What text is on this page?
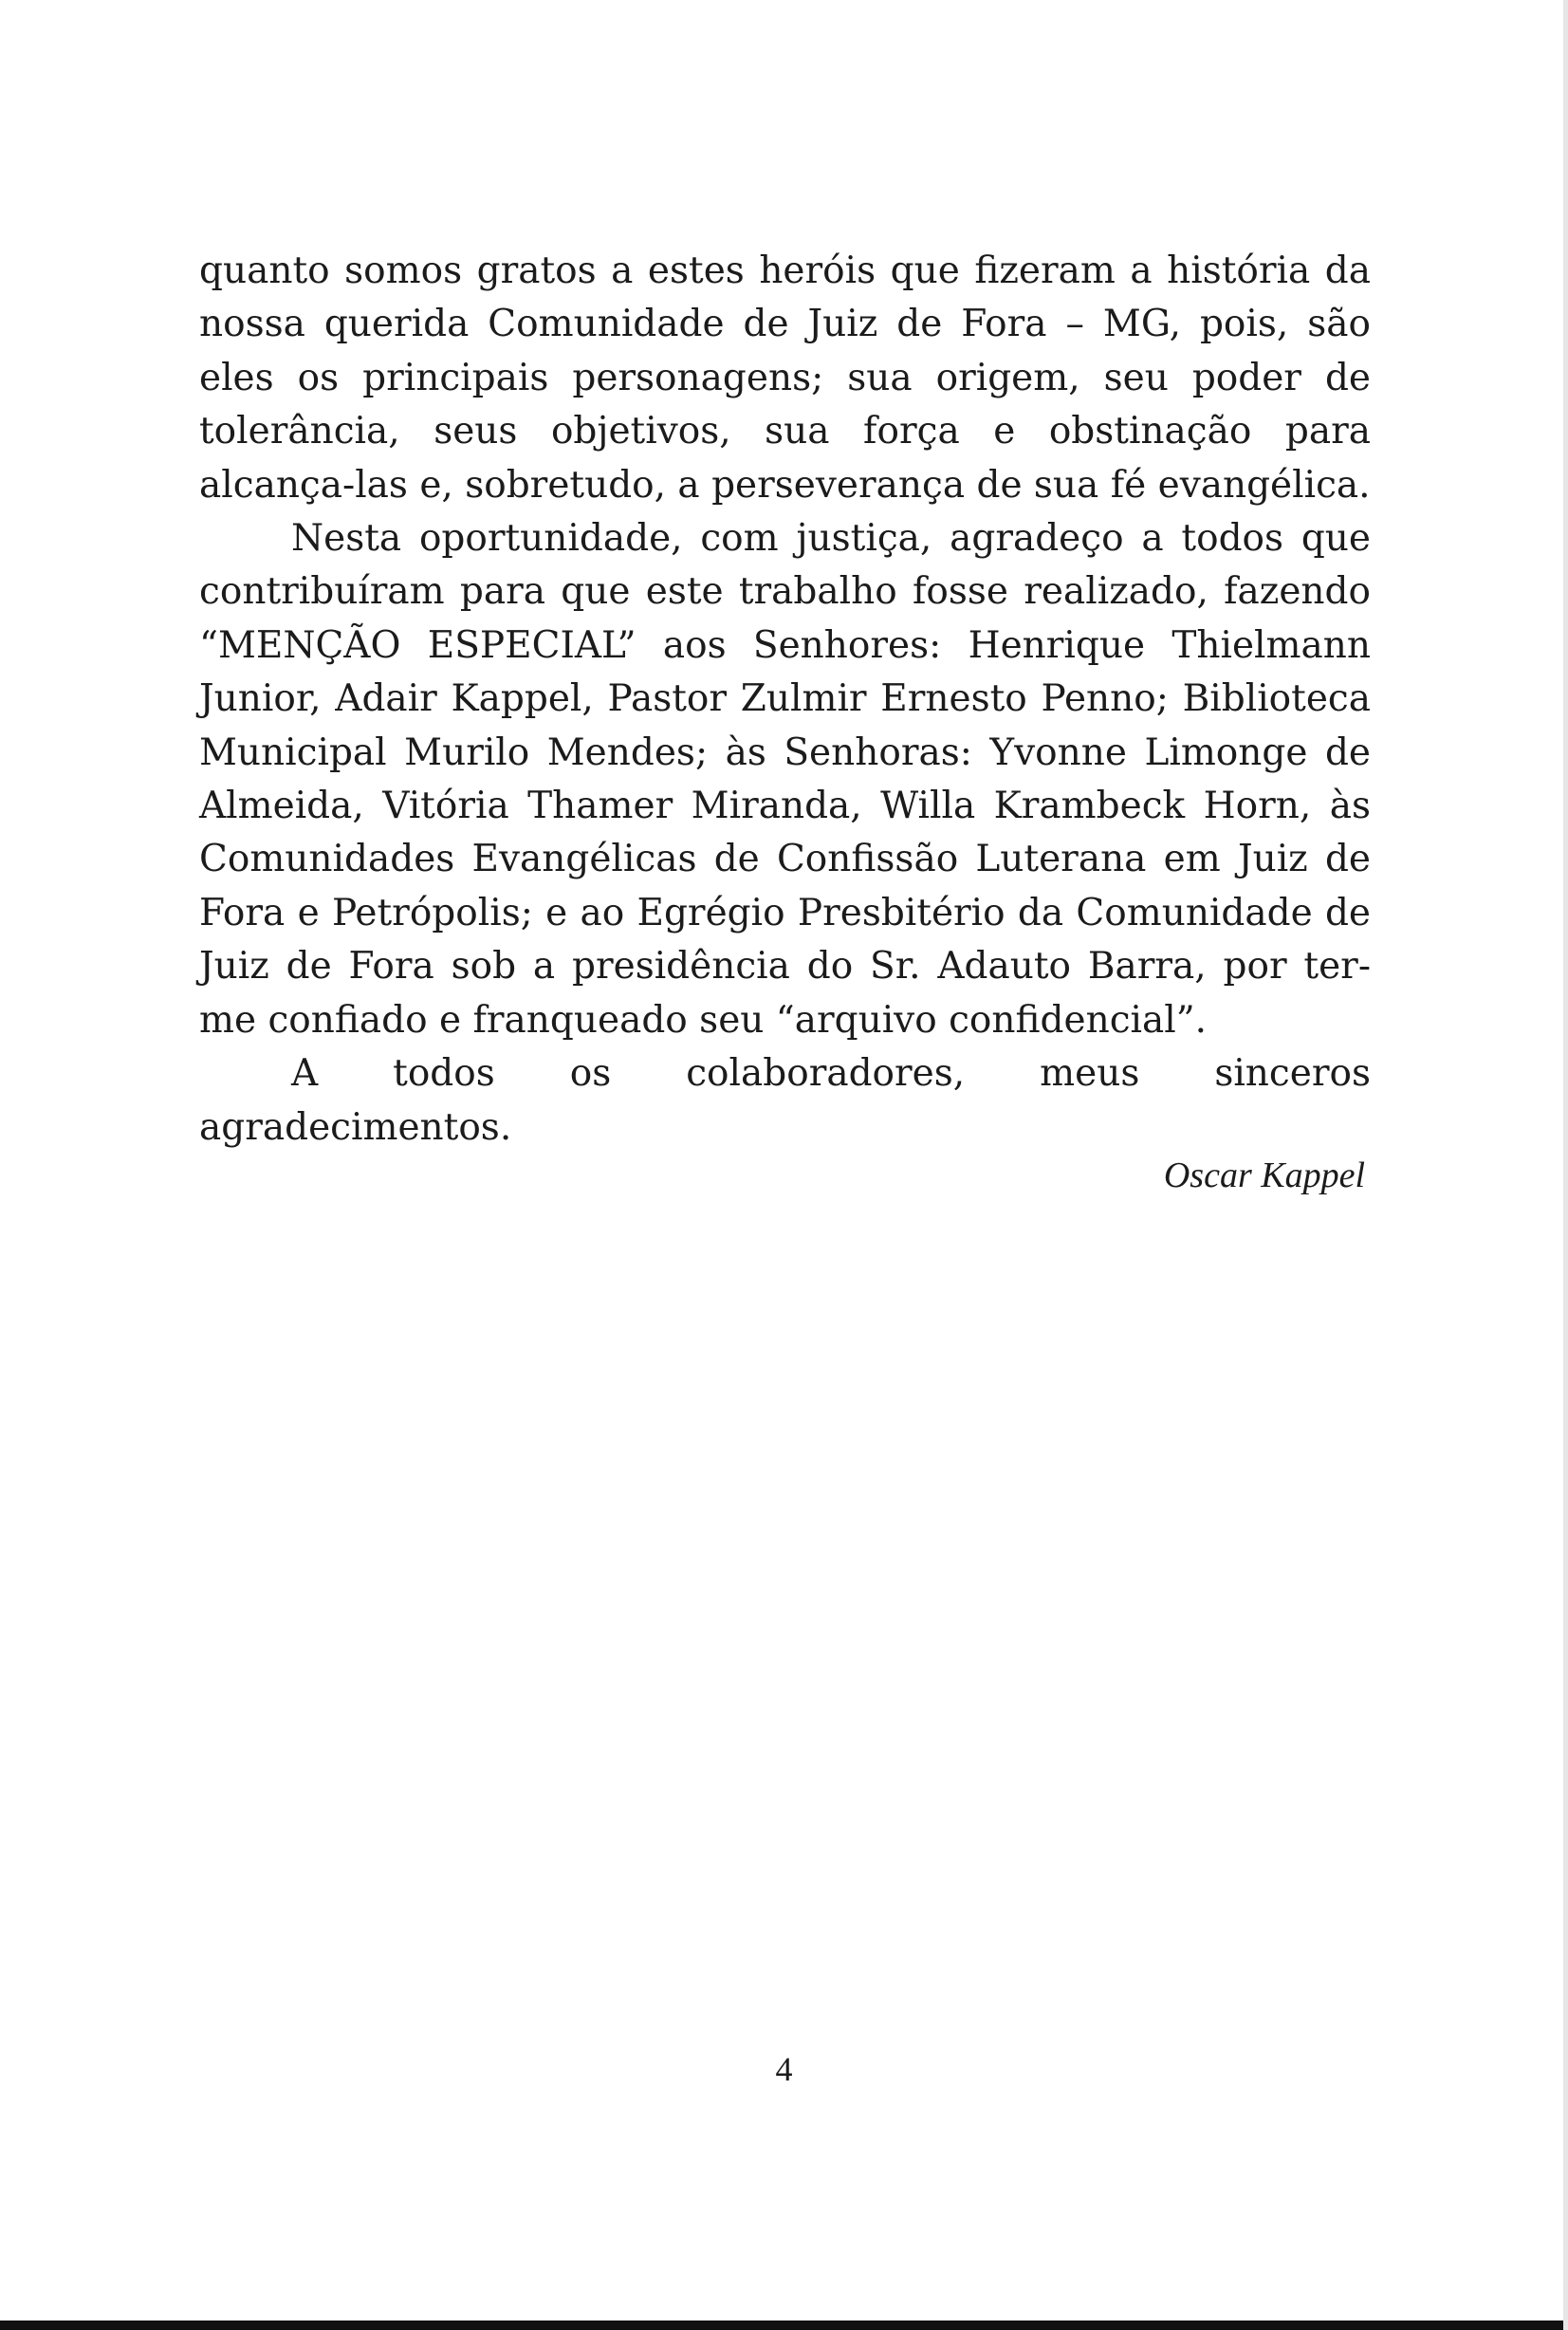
quanto somos gratos a estes heróis que fizeram a história da nossa querida Comunidade de Juiz de Fora – MG, pois, são eles os principais personagens; sua origem, seu poder de tolerância, seus objetivos, sua força e obstinação para alcança-las e, sobretudo, a perseverança de sua fé evangélica.

Nesta oportunidade, com justiça, agradeço a todos que contribuíram para que este trabalho fosse realizado, fazendo “MENÇÃO ESPECIAL” aos Senhores: Henrique Thielmann Junior, Adair Kappel, Pastor Zulmir Ernesto Penno; Biblioteca Municipal Murilo Mendes; às Senhoras: Yvonne Limonge de Almeida, Vitória Thamer Miranda, Willa Krambeck Horn, às Comunidades Evangélicas de Confissão Luterana em Juiz de Fora e Petrópolis; e ao Egrégio Presbitério da Comunidade de Juiz de Fora sob a presidência do Sr. Adauto Barra, por ter-me confiado e franqueado seu “arquivo confidencial”.

A todos os colaboradores, meus sinceros agradecimentos.

Oscar Kappel
4
